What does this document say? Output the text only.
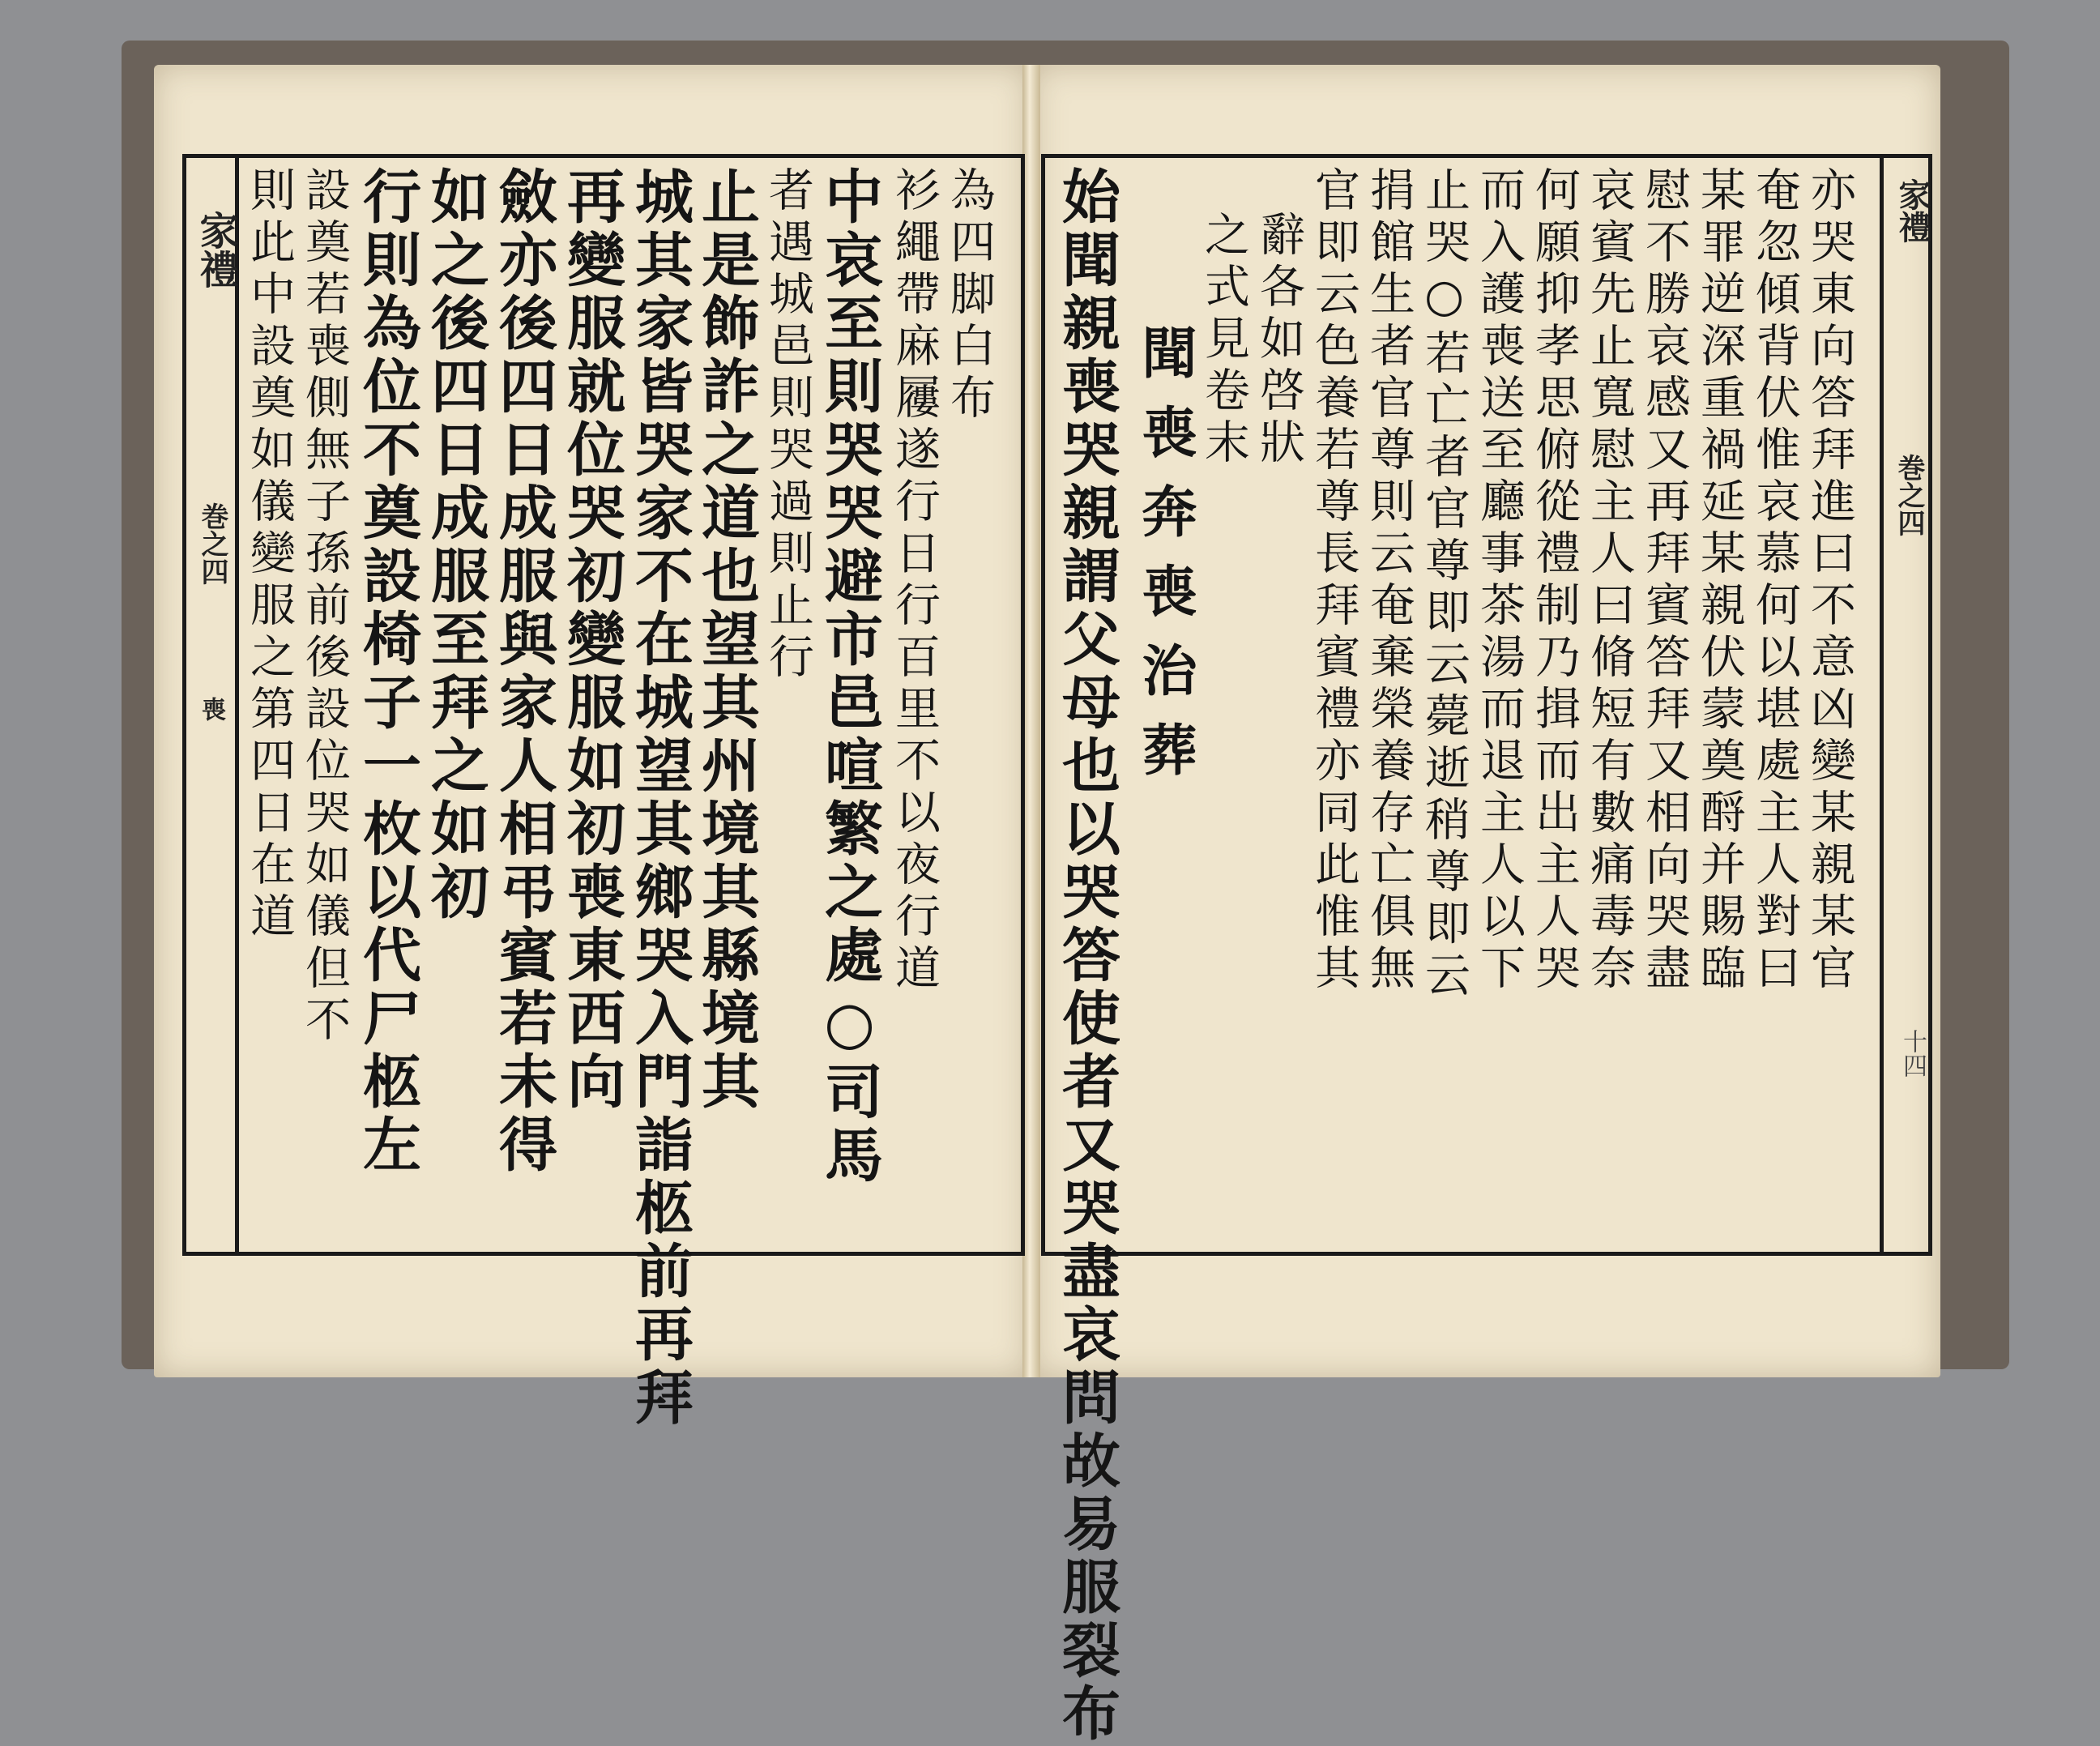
家禮
巻之四
喪
家禮
巻之四
十四
為四脚白布
衫繩帶麻屨遂行日行百里不以夜行道
中哀至則哭哭避市邑喧繁之處○司馬
者遇城邑則哭過則止行
止是飾詐之道也望其州境其縣境其
城其家皆哭家不在城望其鄉哭入門詣柩前再拜
再變服就位哭初變服如初喪東西向
斂亦後四日成服與家人相弔賓若未得
如之後四日成服至拜之如初
行則為位不奠設椅子一枚以代尸柩左
設奠若喪側無子孫前後設位哭如儀但不
則此中設奠如儀變服之第四日在道	亦哭東向答拜進曰不意凶變某親某官
奄忽傾背伏惟哀慕何以堪處主人對曰
某罪逆深重禍延某親伏蒙奠酹并賜臨
慰不勝哀感又再拜賓答拜又相向哭盡
哀賓先止寬慰主人曰脩短有數痛毒奈
何願抑孝思俯從禮制乃揖而出主人哭
而入護喪送至廳事茶湯而退主人以下
止哭○若亡者官尊即云薨逝稍尊即云
捐館生者官尊則云奄棄榮養存亡俱無
官即云色養若尊長拜賓禮亦同此惟其
辭各如啓狀
之式見卷末
聞喪奔喪治葬
始聞親喪哭親謂父母也以哭答使者又哭盡哀問故易服裂布
